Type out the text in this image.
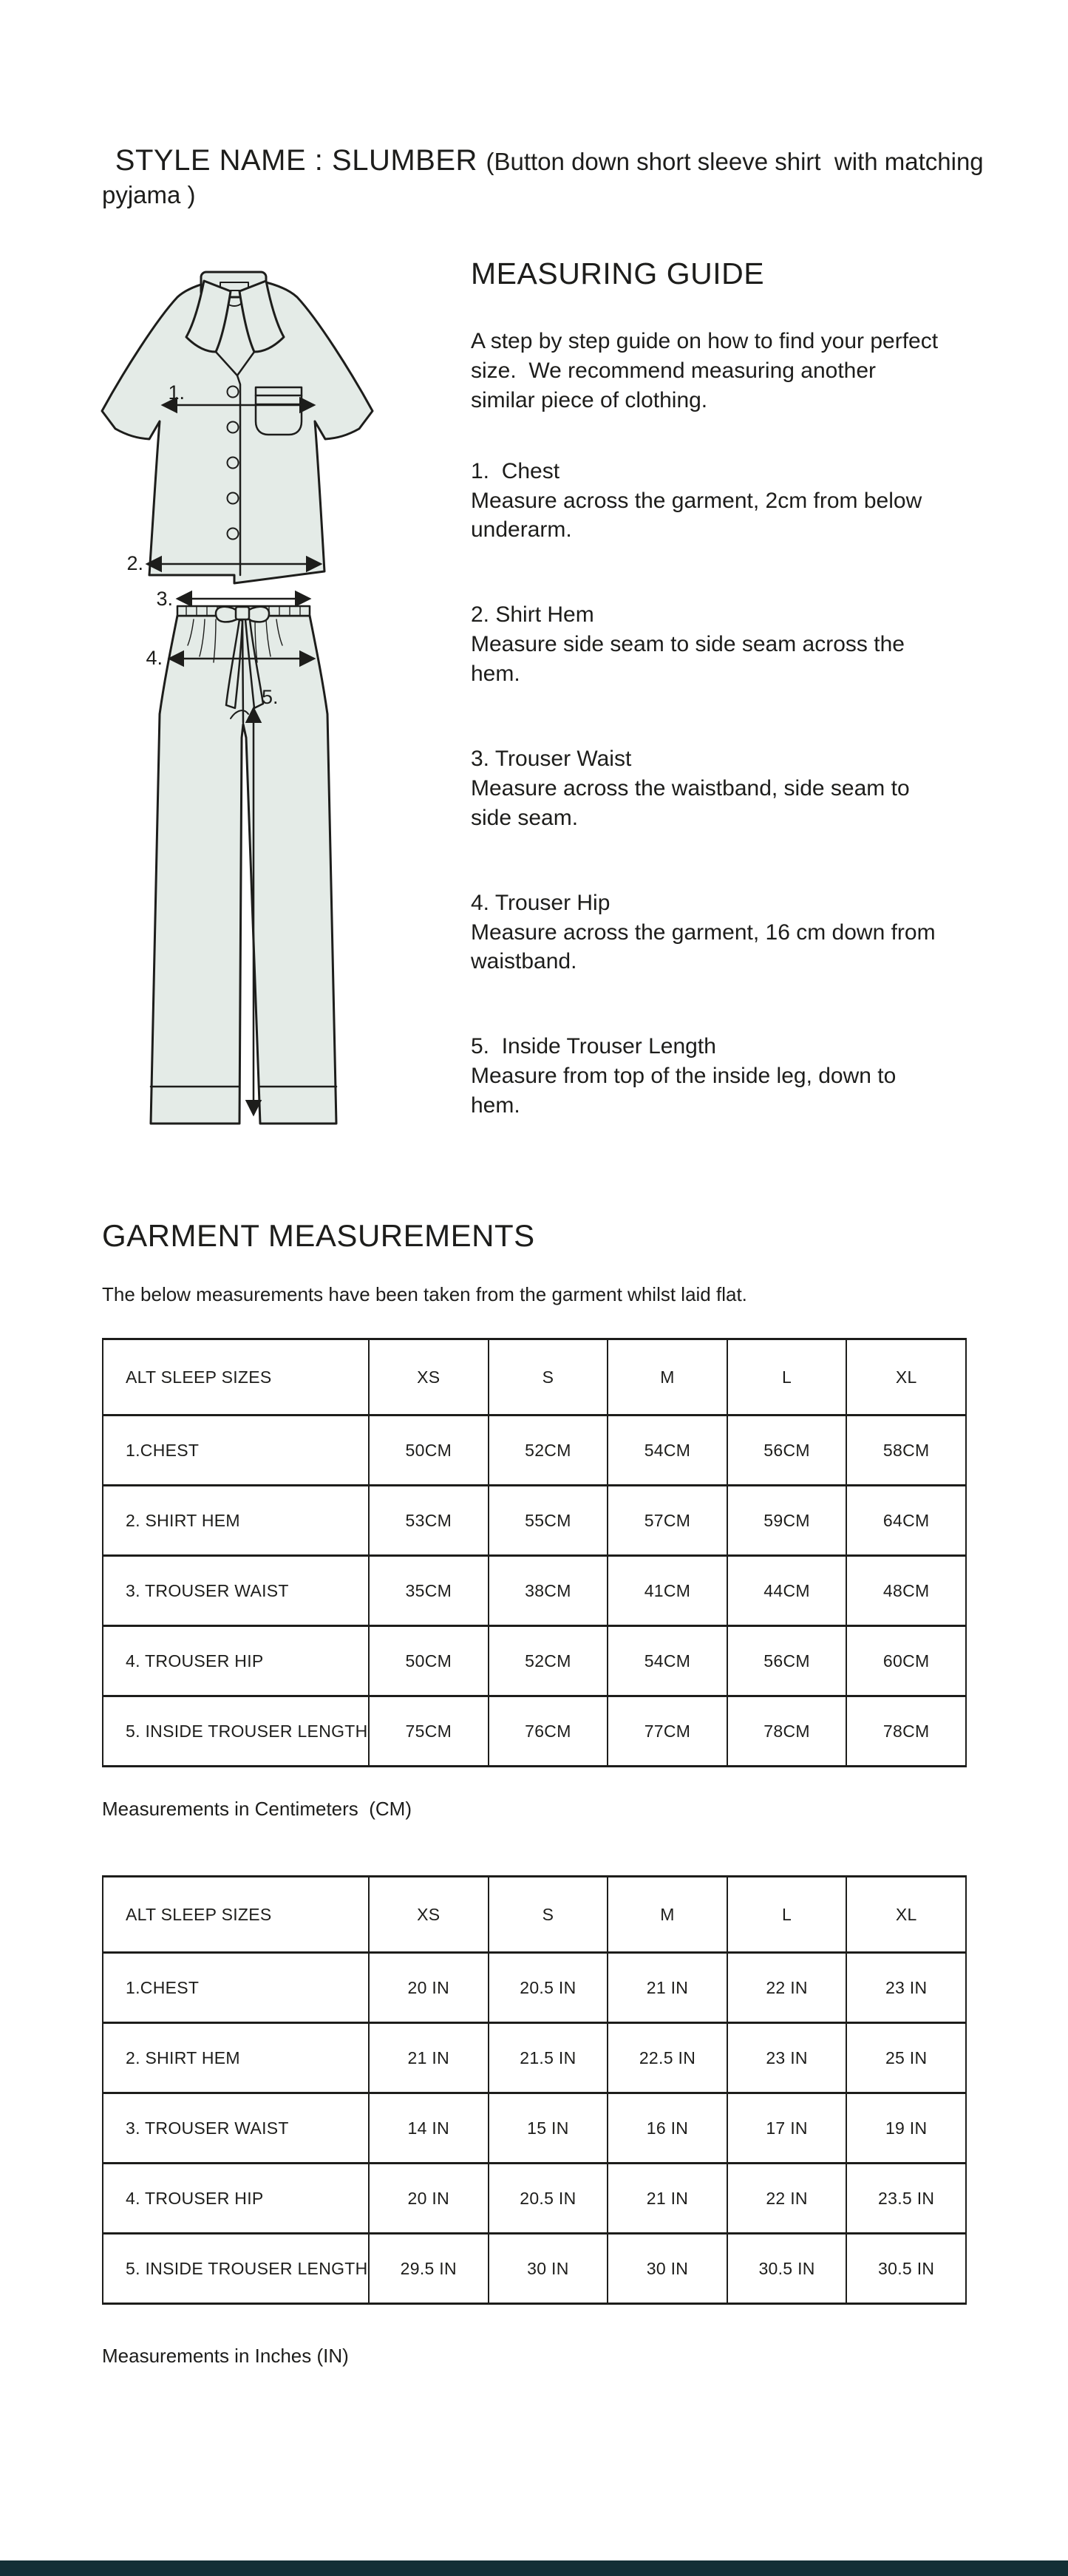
STYLE NAME : SLUMBER (Button down short sleeve shirt  with matching pyjama )

1.
2.
3.
4.
5.
MEASURING GUIDE

A step by step guide on how to find your perfect size.  We recommend measuring another similar piece of clothing.

1.  Chest
Measure across the garment, 2cm from below underarm.
2. Shirt Hem
Measure side seam to side seam across the hem.
3. Trouser Waist
Measure across the waistband, side seam to side seam.
4. Trouser Hip
Measure across the garment, 16 cm down from waistband.
5.  Inside Trouser Length
Measure from top of the inside leg, down to hem.
GARMENT MEASUREMENTS
The below measurements have been taken from the garment whilst laid flat.
ALT SLEEP SIZES	XS	S	M	L	XL
1.CHEST	50CM	52CM	54CM	56CM	58CM
2. SHIRT HEM	53CM	55CM	57CM	59CM	64CM
3. TROUSER WAIST	35CM	38CM	41CM	44CM	48CM
4. TROUSER HIP	50CM	52CM	54CM	56CM	60CM
5. INSIDE TROUSER LENGTH	75CM	76CM	77CM	78CM	78CM
Measurements in Centimeters  (CM)
ALT SLEEP SIZES	XS	S	M	L	XL
1.CHEST	20 IN	20.5 IN	21 IN	22 IN	23 IN
2. SHIRT HEM	21 IN	21.5 IN	22.5 IN	23 IN	25 IN
3. TROUSER WAIST	14 IN	15 IN	16 IN	17 IN	19 IN
4. TROUSER HIP	20 IN	20.5 IN	21 IN	22 IN	23.5 IN
5. INSIDE TROUSER LENGTH	29.5 IN	30 IN	30 IN	30.5 IN	30.5 IN
Measurements in Inches (IN)
